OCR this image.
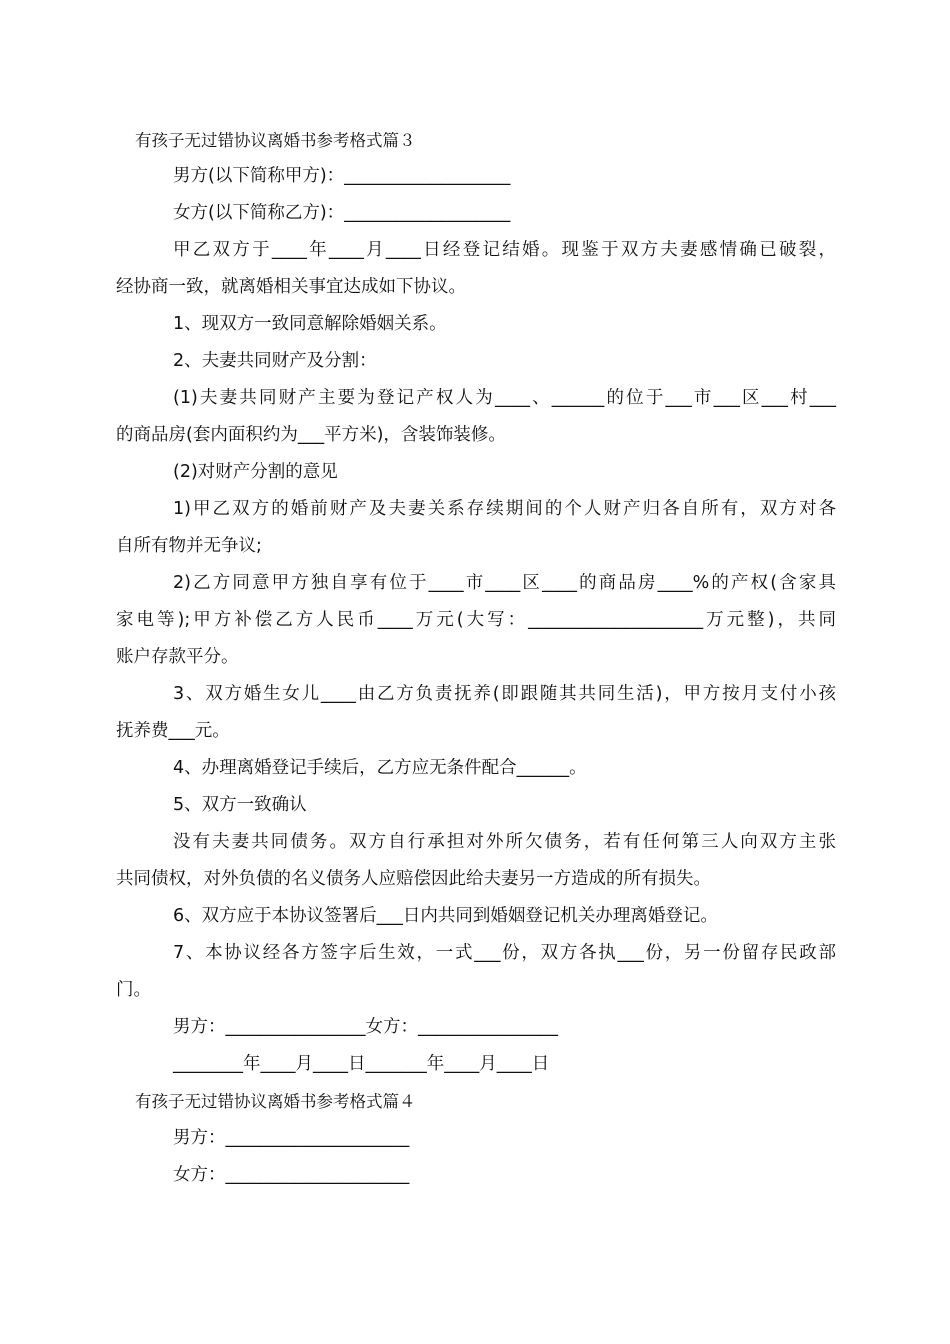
有孩子无过错协议离婚书参考格式篇３
男方(以下简称甲方)：___________________
女方(以下简称乙方)：___________________
甲乙双方于____年____月____日经登记结婚。现鉴于双方夫妻感情确已破裂，
经协商一致，就离婚相关事宜达成如下协议。
1、现双方一致同意解除婚姻关系。
2、夫妻共同财产及分割：
(1)夫妻共同财产主要为登记产权人为____、______的位于___市___区___村___
的商品房(套内面积约为___平方米)，含装饰装修。
(2)对财产分割的意见
1)甲乙双方的婚前财产及夫妻关系存续期间的个人财产归各自所有，双方对各
自所有物并无争议;
2)乙方同意甲方独自享有位于____市____区____的商品房____%的产权(含家具
家电等);甲方补偿乙方人民币____万元(大写：____________________万元整)，共同
账户存款平分。
3、双方婚生女儿____由乙方负责抚养(即跟随其共同生活)，甲方按月支付小孩
抚养费___元。
4、办理离婚登记手续后，乙方应无条件配合______。
5、双方一致确认
没有夫妻共同债务。双方自行承担对外所欠债务，若有任何第三人向双方主张
共同债权，对外负债的名义债务人应赔偿因此给夫妻另一方造成的所有损失。
6、双方应于本协议签署后___日内共同到婚姻登记机关办理离婚登记。
7、本协议经各方签字后生效，一式___份，双方各执___份，另一份留存民政部
门。
男方：________________女方：________________
________年____月____日_______年____月____日
有孩子无过错协议离婚书参考格式篇４
男方：_____________________
女方：_____________________
